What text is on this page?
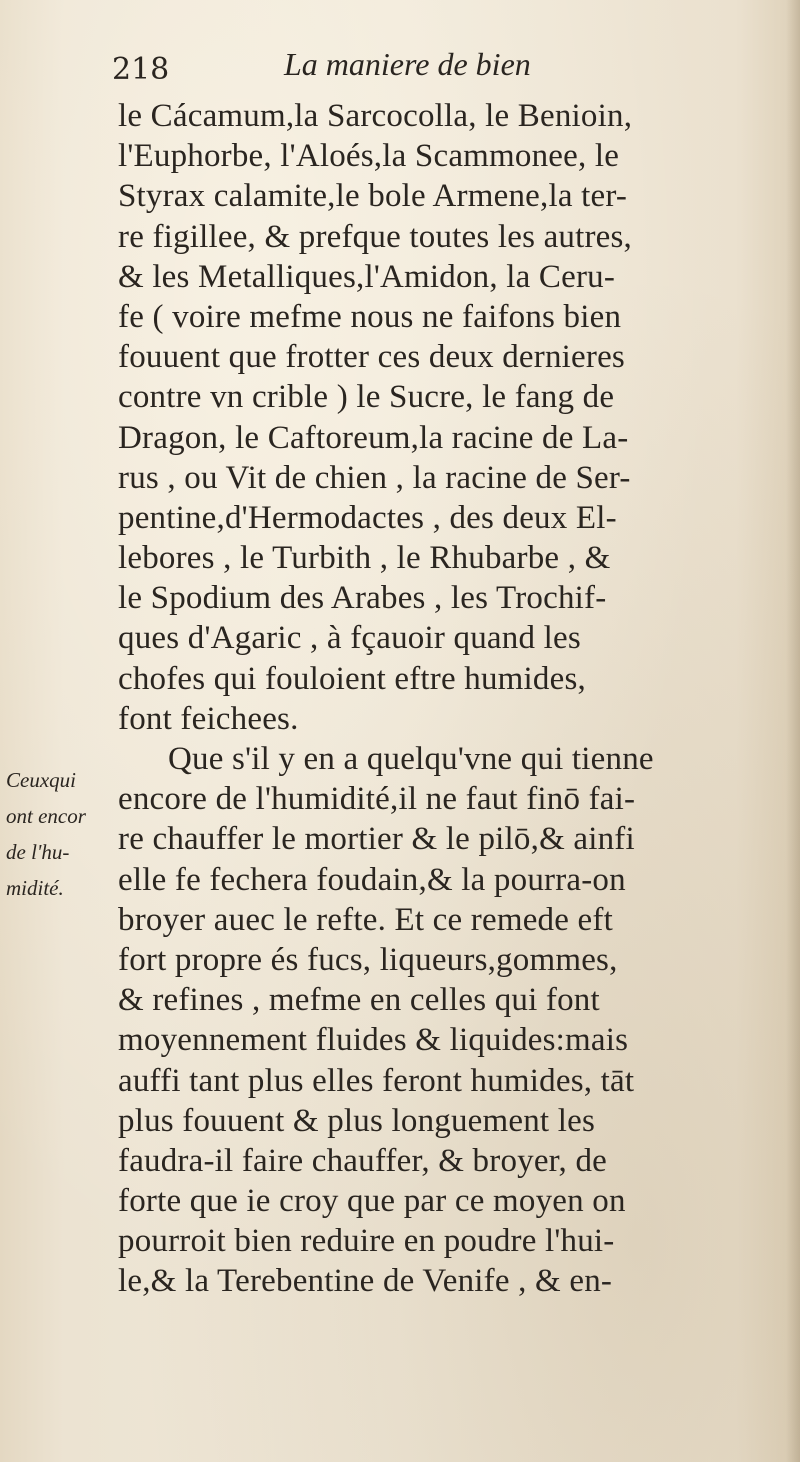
218	La maniere de bien
le Cácamum,la Sarcocolla, le Benioin,
l'Euphorbe, l'Aloés,la Scammonee, le
Styrax calamite,le bole Armene,la ter-
re figillee, & prefque toutes les autres,
& les Metalliques,l'Amidon, la Ceru-
fe ( voire mefme nous ne faifons bien
fouuent que frotter ces deux dernieres
contre vn crible ) le Sucre, le fang de
Dragon, le Caftoreum,la racine de La-
rus , ou Vit de chien , la racine de Ser-
pentine,d'Hermodactes , des deux El-
lebores , le Turbith , le Rhubarbe , &
le Spodium des Arabes , les Trochif-
ques d'Agaric , à fçauoir quand les
chofes qui fouloient eftre humides,
font feichees.
Que s'il y en a quelqu'vne qui tienne
encore de l'humidité,il ne faut finō fai-
re chauffer le mortier & le pilō,& ainfi
elle fe fechera foudain,& la pourra-on
broyer auec le refte. Et ce remede eft
fort propre és fucs, liqueurs,gommes,
& refines , mefme en celles qui font
moyennement fluides & liquides:mais
auffi tant plus elles feront humides, tāt
plus fouuent & plus longuement les
faudra-il faire chauffer, & broyer, de
forte que ie croy que par ce moyen on
pourroit bien reduire en poudre l'hui-
le,& la Terebentine de Venife , & en-
Ceuxqui
ont encor
de l'hu-
midité.
